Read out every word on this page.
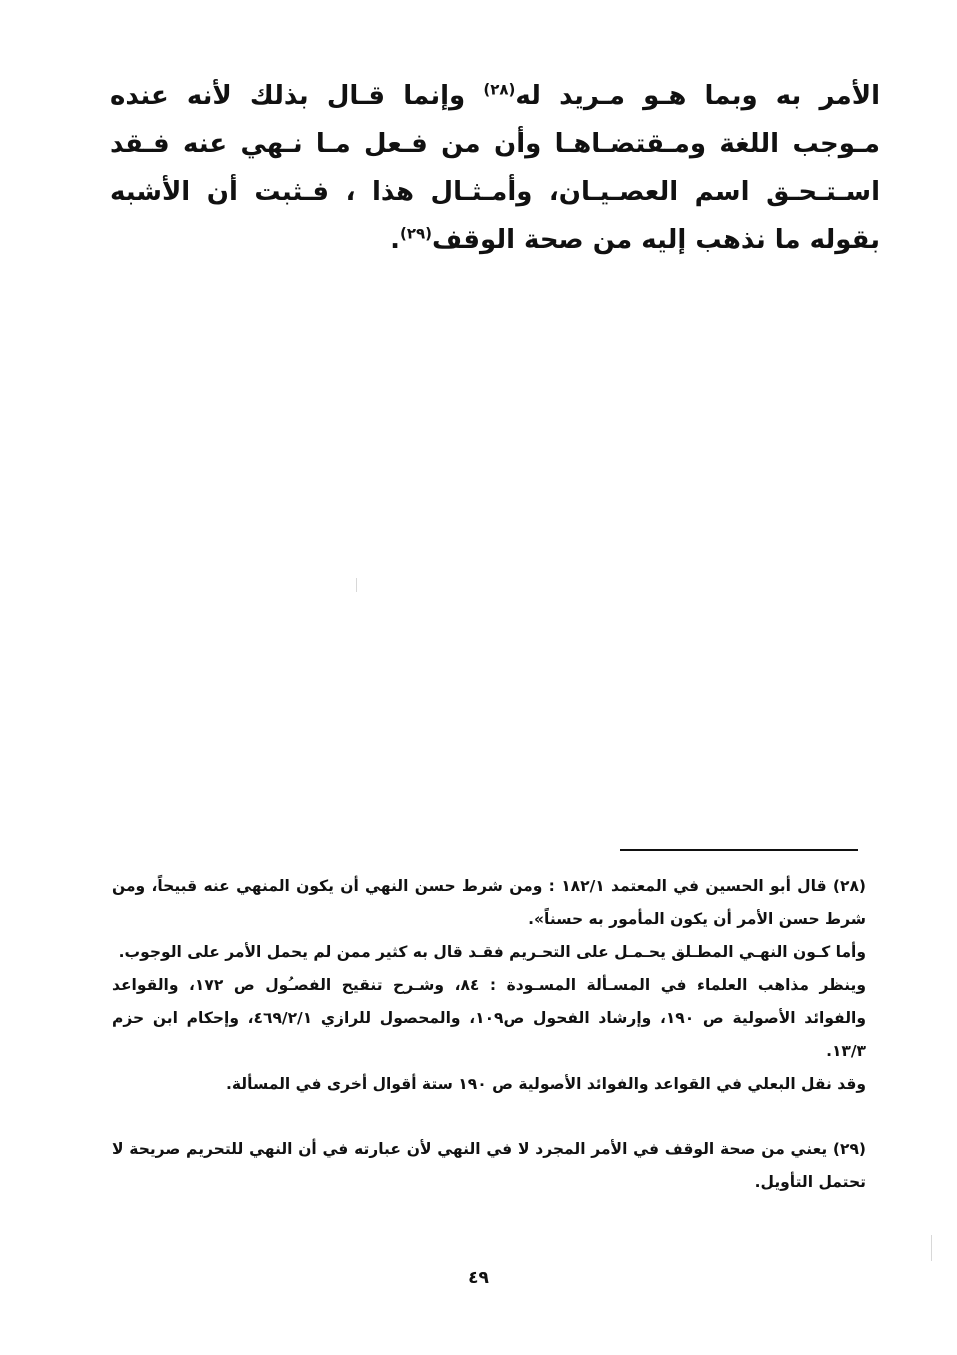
الأمر به وبما هـو مـريد له$^{(٢٨)}$ وإنما قـال بذلك لأنه عنده مـوجب اللغة ومـقتضـاهـا وأن من فـعل مـا نـهي عنه فـقد اسـتـحـق اسم العصـيـان، وأمـثـال هذا ، فـثبت أن الأشبه بقوله ما نذهب إليه من صحة الوقف$^{(٢٩)}$.

(٢٨) قال أبو الحسين في المعتمد ١٨٢/١ : ومن شرط حسن النهي أن يكون المنهي عنه قبيحاً، ومن شرط حسن الأمر أن يكون المأمور به حسناً».

وأما كـون النهـي المطـلق يحـمـل على التحـريم فقـد قال به كثير ممن لم يحمل الأمر على الوجوب.

وينظر مذاهب العلماء في المسـألة المسـودة : ٨٤، وشـرح تنقيح الفصـُول ص ١٧٢، والقواعد والفوائد الأصولية ص ١٩٠، وإرشاد الفحول ص١٠٩، والمحصول للرازي ٤٦٩/٢/١، وإحكام ابن حزم ١٣/٣.

وقد نقل البعلي في القواعد والفوائد الأصولية ص ١٩٠ ستة أقوال أخرى في المسألة.

(٢٩) يعني من صحة الوقف في الأمر المجرد لا في النهي لأن عبارته في أن النهي للتحريم صريحة لا تحتمل التأويل.

٤٩
